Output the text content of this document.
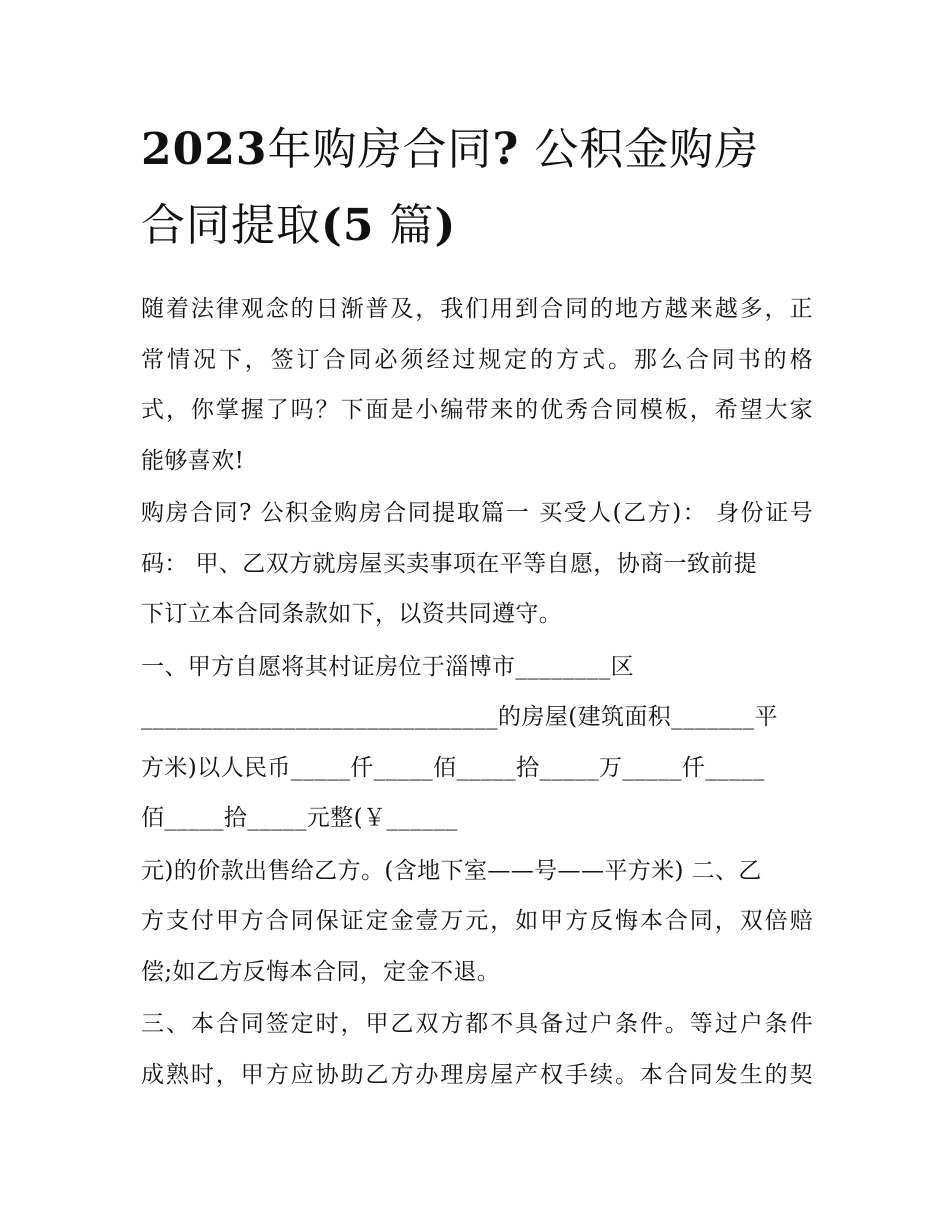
2023年购房合同? 公积金购房
合同提取(5 篇)

随着法律观念的日渐普及，我们用到合同的地方越来越多，正
常情况下，签订合同必须经过规定的方式。那么合同书的格
式，你掌握了吗？下面是小编带来的优秀合同模板，希望大家
能够喜欢!

购房合同? 公积金购房合同提取篇一 买受人(乙方)： 身份证号
码： 甲、乙双方就房屋买卖事项在平等自愿，协商一致前提
下订立本合同条款如下，以资共同遵守。

一、甲方自愿将其村证房位于淄博市________区
______________________________的房屋(建筑面积_______平
方米)以人民币_____仟_____佰_____拾_____万_____仟_____
佰_____拾_____元整(￥______

元)的价款出售给乙方。(含地下室——号——平方米) 二、乙
方支付甲方合同保证定金壹万元，如甲方反悔本合同，双倍赔
偿;如乙方反悔本合同，定金不退。

三、本合同签定时，甲乙双方都不具备过户条件。等过户条件
成熟时，甲方应协助乙方办理房屋产权手续。本合同发生的契
